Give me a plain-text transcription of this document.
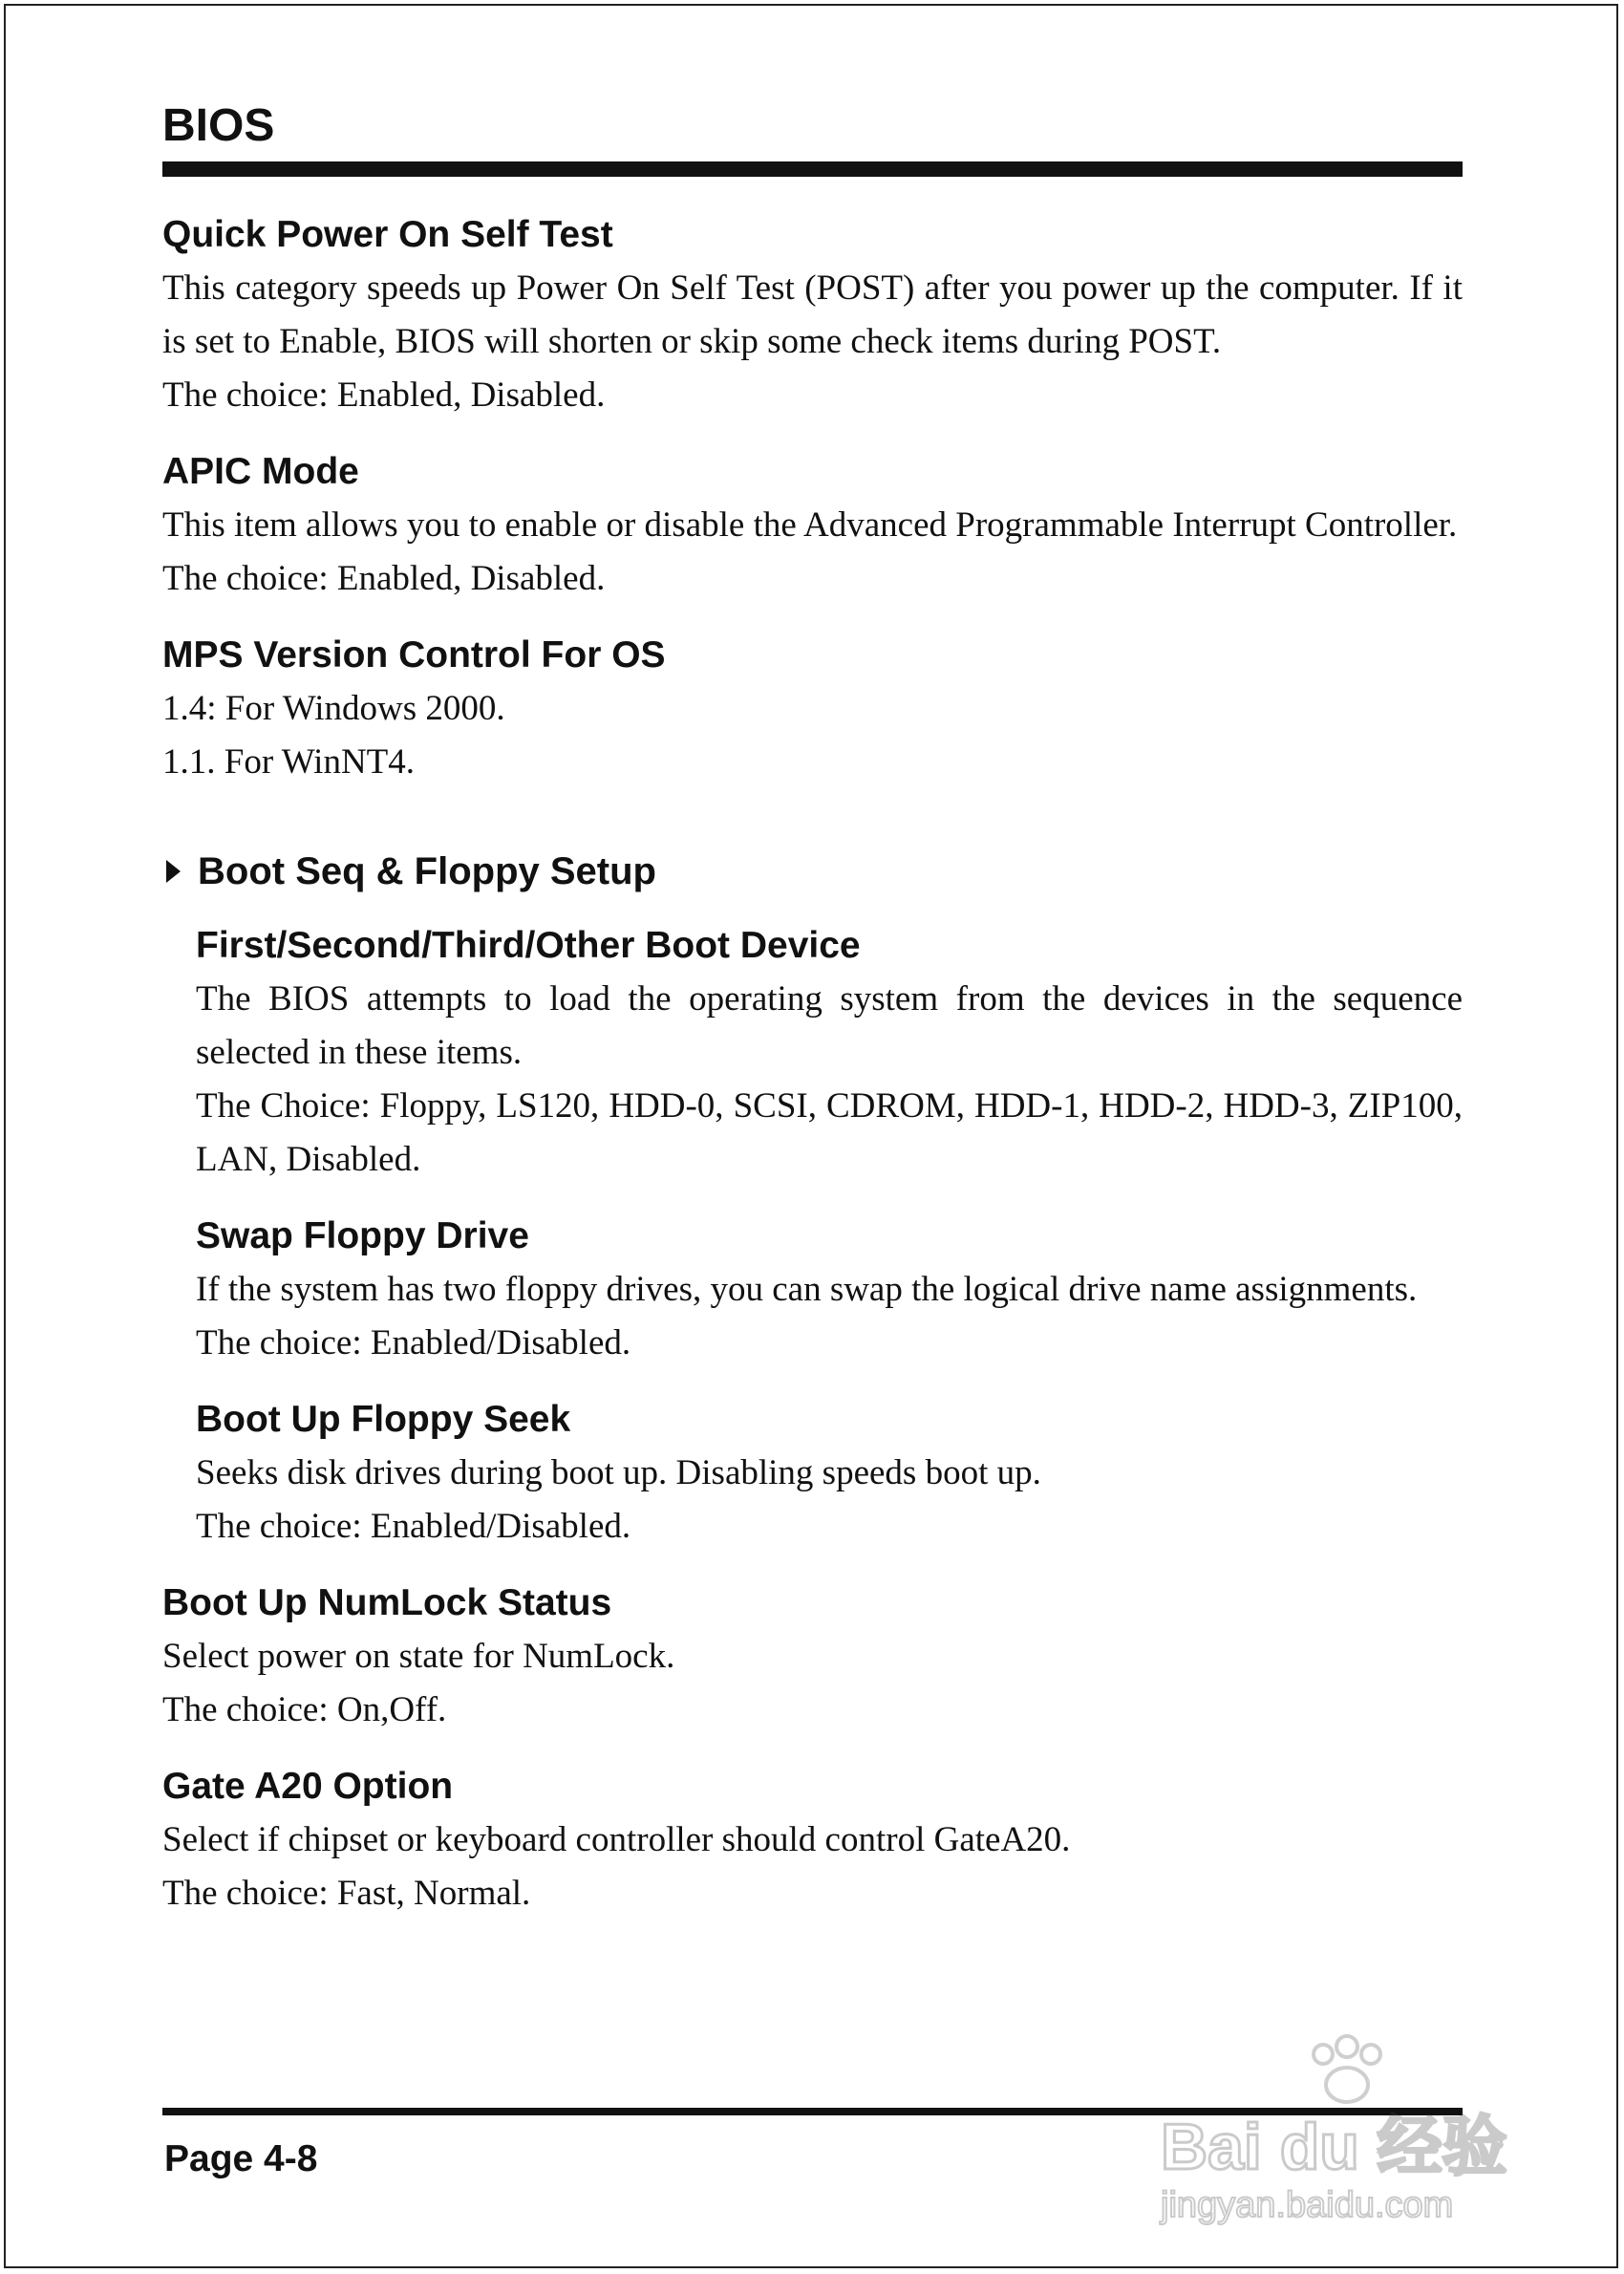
BIOS
Quick Power On Self Test

This category speeds up Power On Self Test (POST) after you power up the computer. If it is set to Enable, BIOS will shorten or skip some check items during POST.

The choice: Enabled, Disabled.

APIC Mode

This item allows you to enable or disable the Advanced Programmable Interrupt Controller.

The choice: Enabled, Disabled.

MPS Version Control For OS

1.4: For Windows 2000.

1.1. For WinNT4.

Boot Seq & Floppy Setup
First/Second/Third/Other Boot Device

The BIOS attempts to load the operating system from the devices in the sequence selected in these items.

The Choice: Floppy, LS120, HDD-0, SCSI, CDROM, HDD-1, HDD-2, HDD-3, ZIP100, LAN, Disabled.

Swap Floppy Drive

If the system has two floppy drives, you can swap the logical drive name assignments.

The choice: Enabled/Disabled.

Boot Up Floppy Seek

Seeks disk drives during boot up. Disabling speeds boot up.

The choice: Enabled/Disabled.

Boot Up NumLock Status

Select power on state for NumLock.

The choice: On,Off.

Gate A20 Option

Select if chipset or keyboard controller should control GateA20.

The choice: Fast, Normal.

Page 4-8	Bai du 经验
jingyan.baidu.com
